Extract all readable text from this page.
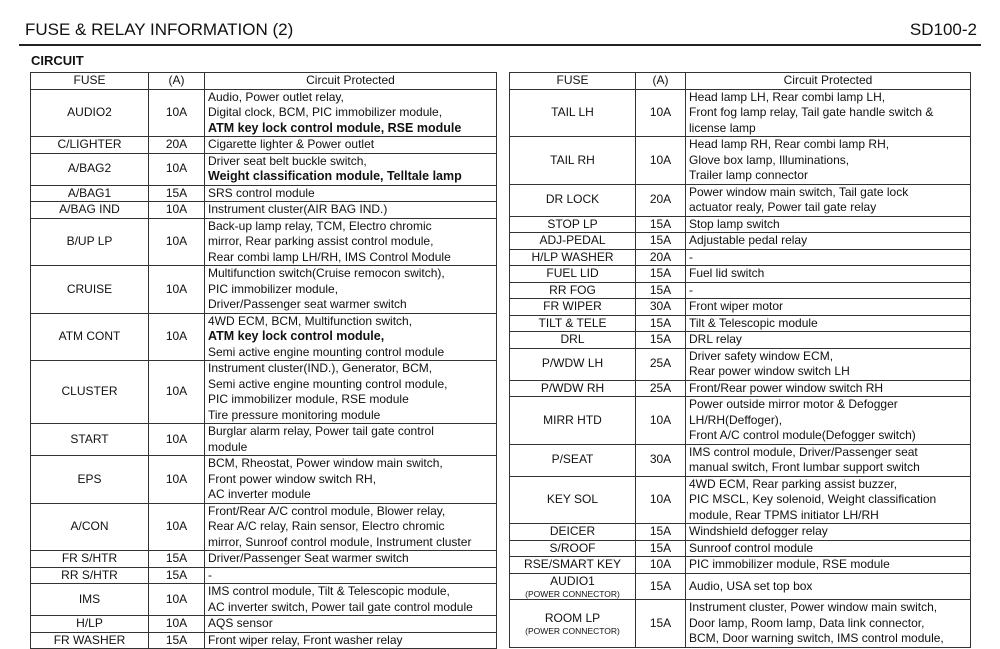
FUSE & RELAY INFORMATION (2)	SD100-2
CIRCUIT
FUSE	(A)	Circuit Protected
AUDIO2	10A	Audio, Power outlet relay,
Digital clock, BCM, PIC immobilizer module,
ATM key lock control module, RSE module
C/LIGHTER	20A	Cigarette lighter & Power outlet
A/BAG2	10A	Driver seat belt buckle switch,
Weight classification module, Telltale lamp
A/BAG1	15A	SRS control module
A/BAG IND	10A	Instrument cluster(AIR BAG IND.)
B/UP LP	10A	Back-up lamp relay, TCM, Electro chromic
mirror, Rear parking assist control module,
Rear combi lamp LH/RH, IMS Control Module
CRUISE	10A	Multifunction switch(Cruise remocon switch),
PIC immobilizer module,
Driver/Passenger seat warmer switch
ATM CONT	10A	4WD ECM, BCM, Multifunction switch,
ATM key lock control module,
Semi active engine mounting control module
CLUSTER	10A	Instrument cluster(IND.), Generator, BCM,
Semi active engine mounting control module,
PIC immobilizer module, RSE module
Tire pressure monitoring module
START	10A	Burglar alarm relay, Power tail gate control
module
EPS	10A	BCM, Rheostat, Power window main switch,
Front power window switch RH,
AC inverter module
A/CON	10A	Front/Rear A/C control module, Blower relay,
Rear A/C relay, Rain sensor, Electro chromic
mirror, Sunroof control module, Instrument cluster
FR S/HTR	15A	Driver/Passenger Seat warmer switch
RR S/HTR	15A	-
IMS	10A	IMS control module, Tilt & Telescopic module,
AC inverter switch, Power tail gate control module
H/LP	10A	AQS sensor
FR WASHER	15A	Front wiper relay, Front washer relay
FUSE	(A)	Circuit Protected
TAIL LH	10A	Head lamp LH, Rear combi lamp LH,
Front fog lamp relay, Tail gate handle switch &
license lamp
TAIL RH	10A	Head lamp RH, Rear combi lamp RH,
Glove box lamp, Illuminations,
Trailer lamp connector
DR LOCK	20A	Power window main switch, Tail gate lock
actuator realy, Power tail gate relay
STOP LP	15A	Stop lamp switch
ADJ-PEDAL	15A	Adjustable pedal relay
H/LP WASHER	20A	-
FUEL LID	15A	Fuel lid switch
RR FOG	15A	-
FR WIPER	30A	Front wiper motor
TILT & TELE	15A	Tilt & Telescopic module
DRL	15A	DRL relay
P/WDW LH	25A	Driver safety window ECM,
Rear power window switch LH
P/WDW RH	25A	Front/Rear power window switch RH
MIRR HTD	10A	Power outside mirror motor & Defogger
LH/RH(Deffoger),
Front A/C control module(Defogger switch)
P/SEAT	30A	IMS control module, Driver/Passenger seat
manual switch, Front lumbar support switch
KEY SOL	10A	4WD ECM, Rear parking assist buzzer,
PIC MSCL, Key solenoid, Weight classification
module, Rear TPMS initiator LH/RH
DEICER	15A	Windshield defogger relay
S/ROOF	15A	Sunroof control module
RSE/SMART KEY	10A	PIC immobilizer module, RSE module
AUDIO1
(POWER CONNECTOR)	15A	Audio, USA set top box
ROOM LP
(POWER CONNECTOR)	15A	Instrument cluster, Power window main switch,
Door lamp, Room lamp, Data link connector,
BCM, Door warning switch, IMS control module,
